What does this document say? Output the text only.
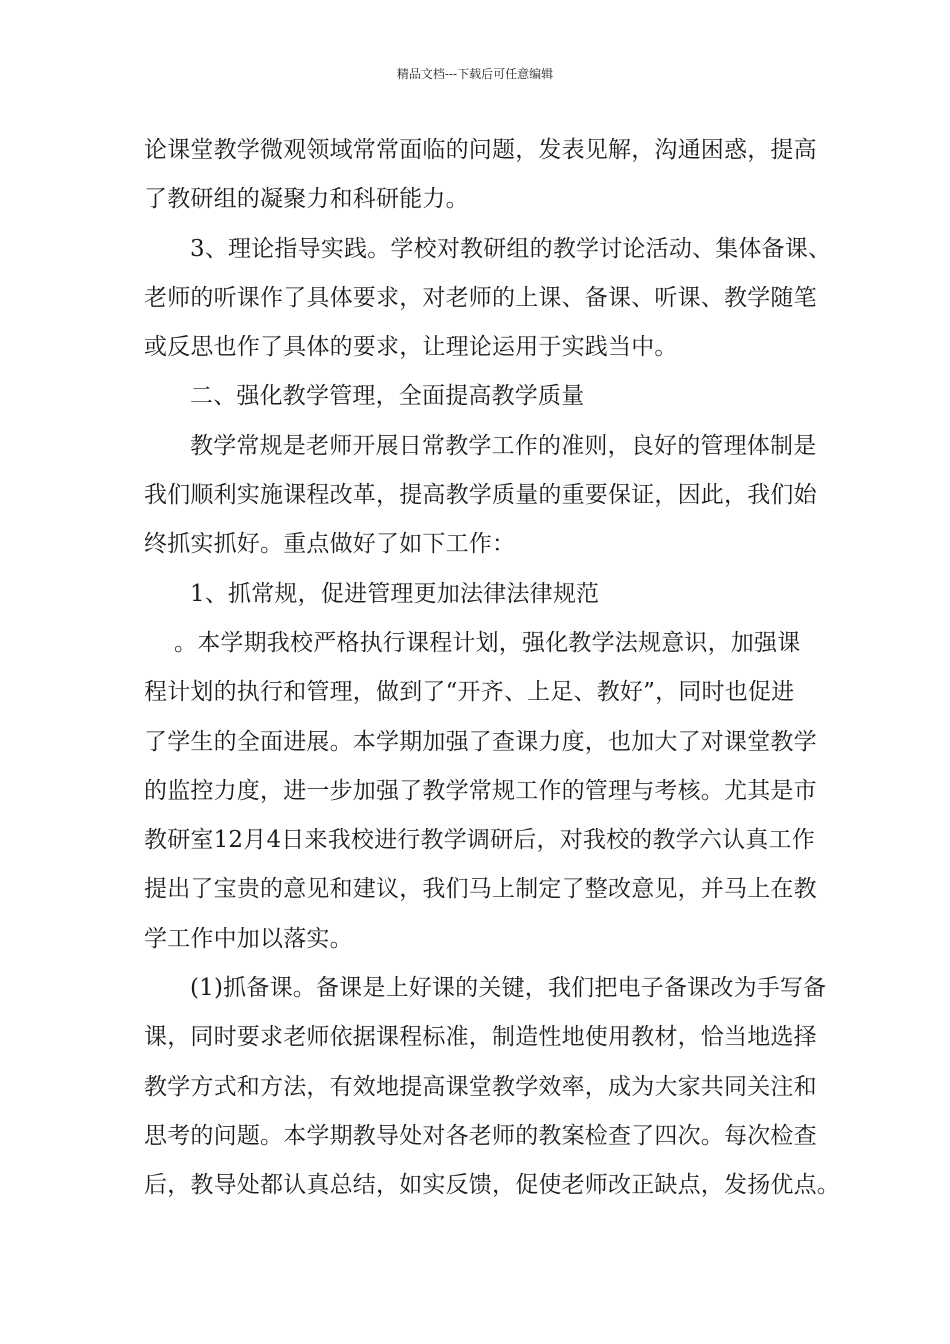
精品文档---下载后可任意编辑

论课堂教学微观领域常常面临的问题，发表见解，沟通困惑，提高
了教研组的凝聚力和科研能力。

3、理论指导实践。学校对教研组的教学讨论活动、集体备课、
老师的听课作了具体要求，对老师的上课、备课、听课、教学随笔
或反思也作了具体的要求，让理论运用于实践当中。

二、强化教学管理，全面提高教学质量

教学常规是老师开展日常教学工作的准则，良好的管理体制是
我们顺利实施课程改革，提高教学质量的重要保证，因此，我们始
终抓实抓好。重点做好了如下工作：

1、抓常规，促进管理更加法律法律规范

。本学期我校严格执行课程计划，强化教学法规意识，加强课
程计划的执行和管理，做到了“开齐、上足、教好”，同时也促进
了学生的全面进展。本学期加强了查课力度，也加大了对课堂教学
的监控力度，进一步加强了教学常规工作的管理与考核。尤其是市
教研室12月4日来我校进行教学调研后，对我校的教学六认真工作
提出了宝贵的意见和建议，我们马上制定了整改意见，并马上在教
学工作中加以落实。

(1)抓备课。备课是上好课的关键，我们把电子备课改为手写备
课，同时要求老师依据课程标准，制造性地使用教材，恰当地选择
教学方式和方法，有效地提高课堂教学效率，成为大家共同关注和
思考的问题。本学期教导处对各老师的教案检查了四次。每次检查
后，教导处都认真总结，如实反馈，促使老师改正缺点，发扬优点。
